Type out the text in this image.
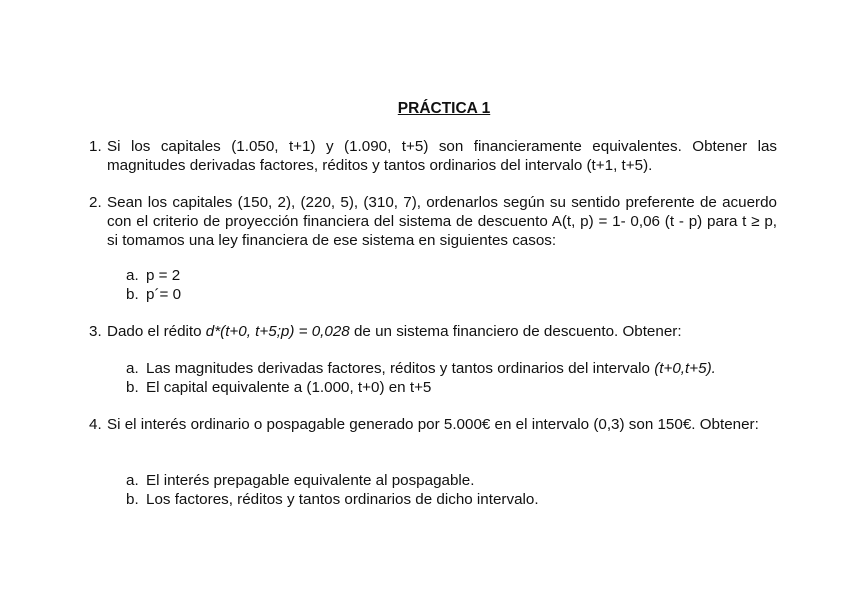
PRÁCTICA 1
1. Si los capitales (1.050, t+1) y (1.090, t+5) son financieramente equivalentes. Obtener las magnitudes derivadas factores, réditos y tantos ordinarios del intervalo (t+1, t+5).
2. Sean los capitales (150, 2), (220, 5), (310, 7), ordenarlos según su sentido preferente de acuerdo con el criterio de proyección financiera del sistema de descuento A(t, p) = 1- 0,06 (t - p) para t ≥ p, si tomamos una ley financiera de ese sistema en siguientes casos:
a. p = 2
b. p´= 0
3. Dado el rédito d*(t+0, t+5;p) = 0,028 de un sistema financiero de descuento. Obtener:
a. Las magnitudes derivadas factores, réditos y tantos ordinarios del intervalo (t+0,t+5).
b. El capital equivalente a (1.000, t+0) en t+5
4. Si el interés ordinario o pospagable generado por 5.000€ en el intervalo (0,3) son 150€. Obtener:
a. El interés prepagable equivalente al pospagable.
b. Los factores, réditos y tantos ordinarios de dicho intervalo.
